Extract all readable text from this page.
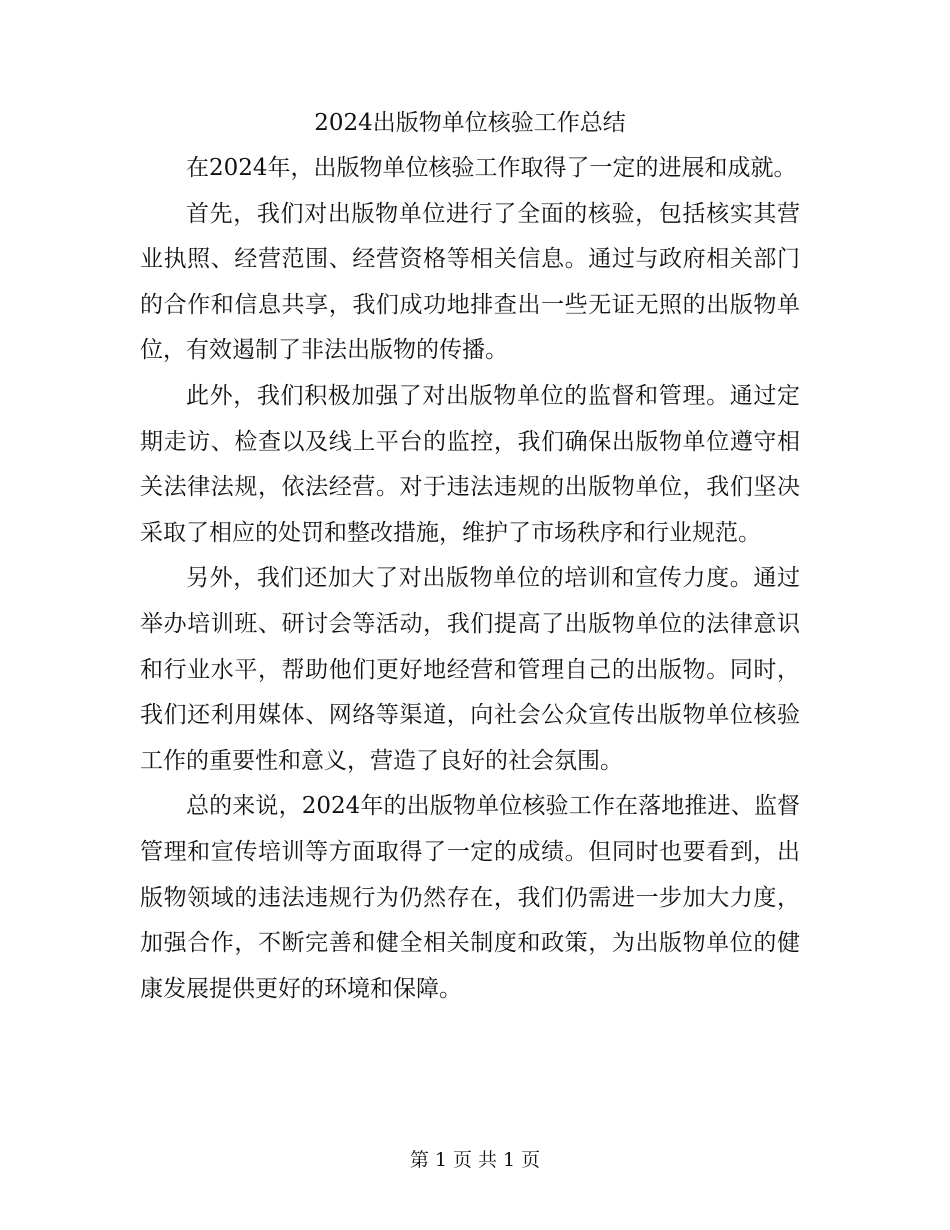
2024出版物单位核验工作总结

在2024年，出版物单位核验工作取得了一定的进展和成就。

首先，我们对出版物单位进行了全面的核验，包括核实其营业执照、经营范围、经营资格等相关信息。通过与政府相关部门的合作和信息共享，我们成功地排查出一些无证无照的出版物单位，有效遏制了非法出版物的传播。

此外，我们积极加强了对出版物单位的监督和管理。通过定期走访、检查以及线上平台的监控，我们确保出版物单位遵守相关法律法规，依法经营。对于违法违规的出版物单位，我们坚决采取了相应的处罚和整改措施，维护了市场秩序和行业规范。

另外，我们还加大了对出版物单位的培训和宣传力度。通过举办培训班、研讨会等活动，我们提高了出版物单位的法律意识和行业水平，帮助他们更好地经营和管理自己的出版物。同时，我们还利用媒体、网络等渠道，向社会公众宣传出版物单位核验工作的重要性和意义，营造了良好的社会氛围。

总的来说，2024年的出版物单位核验工作在落地推进、监督管理和宣传培训等方面取得了一定的成绩。但同时也要看到，出版物领域的违法违规行为仍然存在，我们仍需进一步加大力度，加强合作，不断完善和健全相关制度和政策，为出版物单位的健康发展提供更好的环境和保障。

第 1 页 共 1 页
